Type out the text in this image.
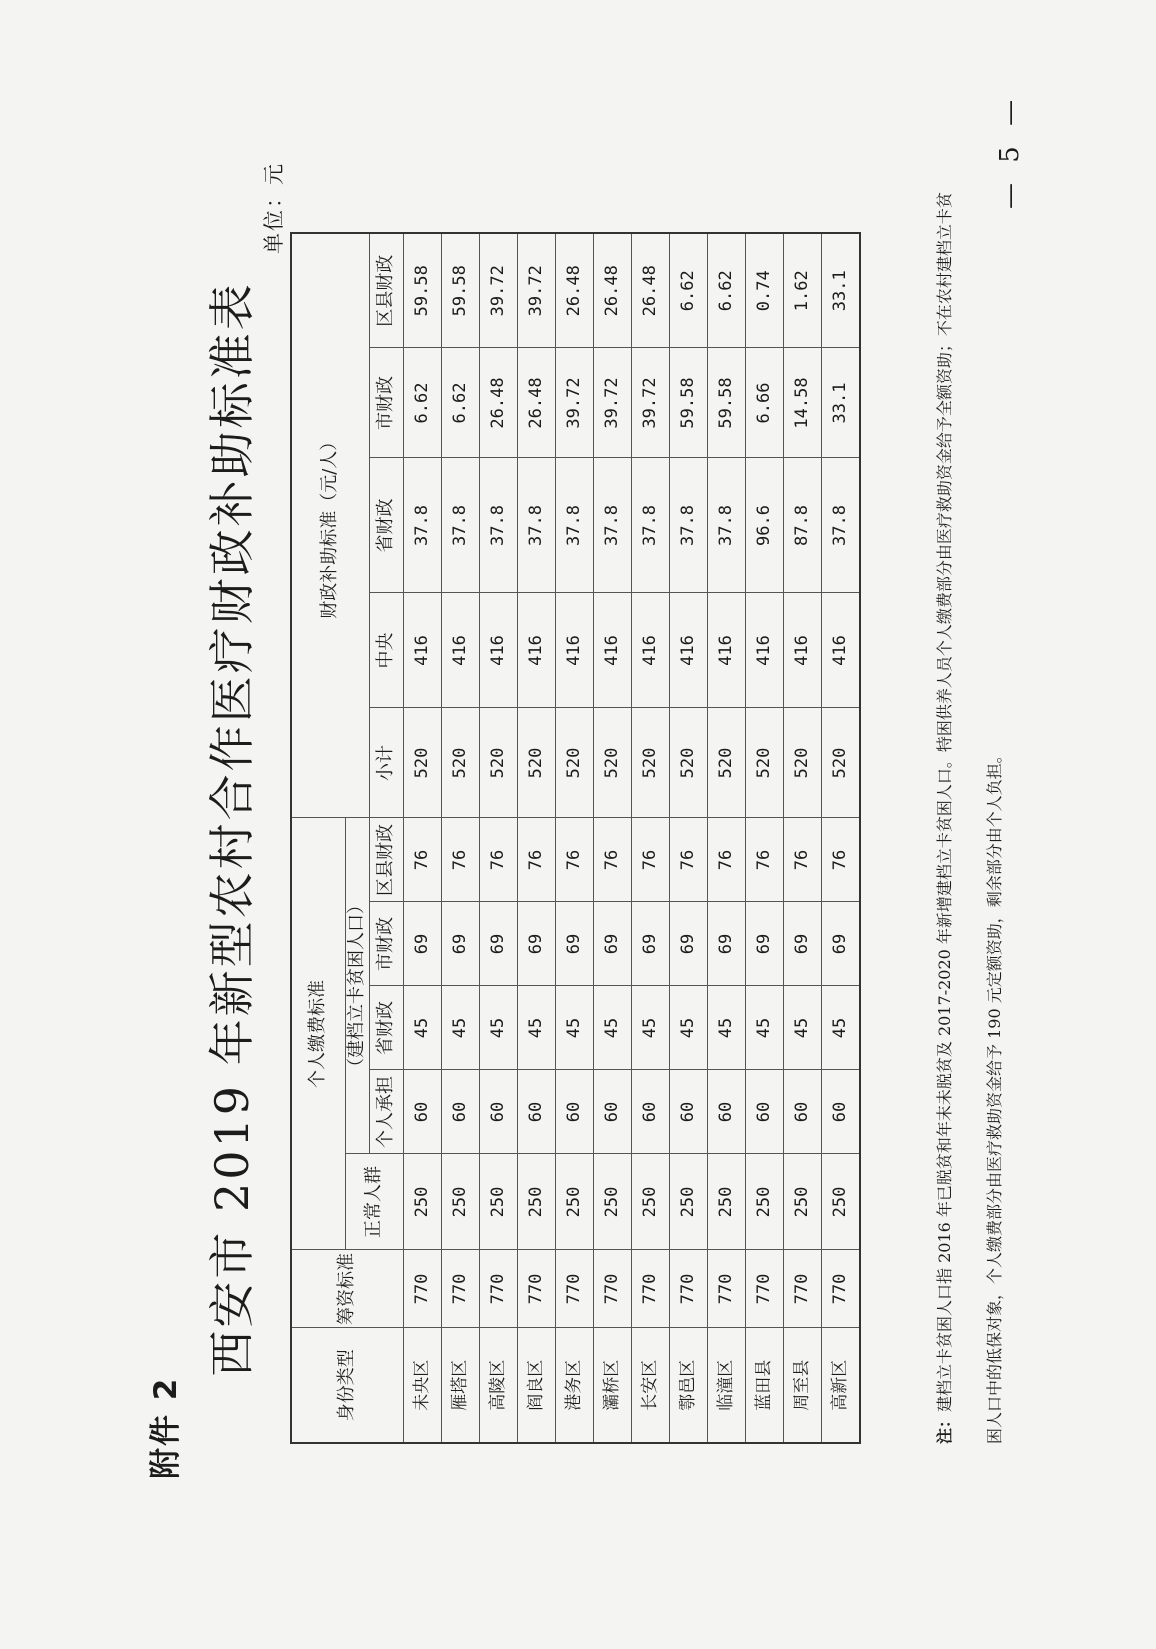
附件 2
西安市 2019 年新型农村合作医疗财政补助标准表
单位：元
身份类型	筹资标准	个人缴费标准					财政补助标准（元/人）				
		正常人群	（建档立卡贫困人口）								
			个人承担	省财政	市财政	区县财政	小计	中央	省财政	市财政	区县财政
未央区	770	250	60	45	69	76	520	416	37.8	6.62	59.58
雁塔区	770	250	60	45	69	76	520	416	37.8	6.62	59.58
高陵区	770	250	60	45	69	76	520	416	37.8	26.48	39.72
阎良区	770	250	60	45	69	76	520	416	37.8	26.48	39.72
港务区	770	250	60	45	69	76	520	416	37.8	39.72	26.48
灞桥区	770	250	60	45	69	76	520	416	37.8	39.72	26.48
长安区	770	250	60	45	69	76	520	416	37.8	39.72	26.48
鄠邑区	770	250	60	45	69	76	520	416	37.8	59.58	6.62
临潼区	770	250	60	45	69	76	520	416	37.8	59.58	6.62
蓝田县	770	250	60	45	69	76	520	416	96.6	6.66	0.74
周至县	770	250	60	45	69	76	520	416	87.8	14.58	1.62
高新区	770	250	60	45	69	76	520	416	37.8	33.1	33.1
注：建档立卡贫困人口指 2016 年已脱贫和年末未脱贫及 2017-2020 年新增建档立卡贫困人口。特困供养人员个人缴费部分由医疗救助资金给予全额资助；不在农村建档立卡贫 困人口中的低保对象，个人缴费部分由医疗救助资金给予 190 元定额资助，剩余部分由个人负担。
— 5 —
